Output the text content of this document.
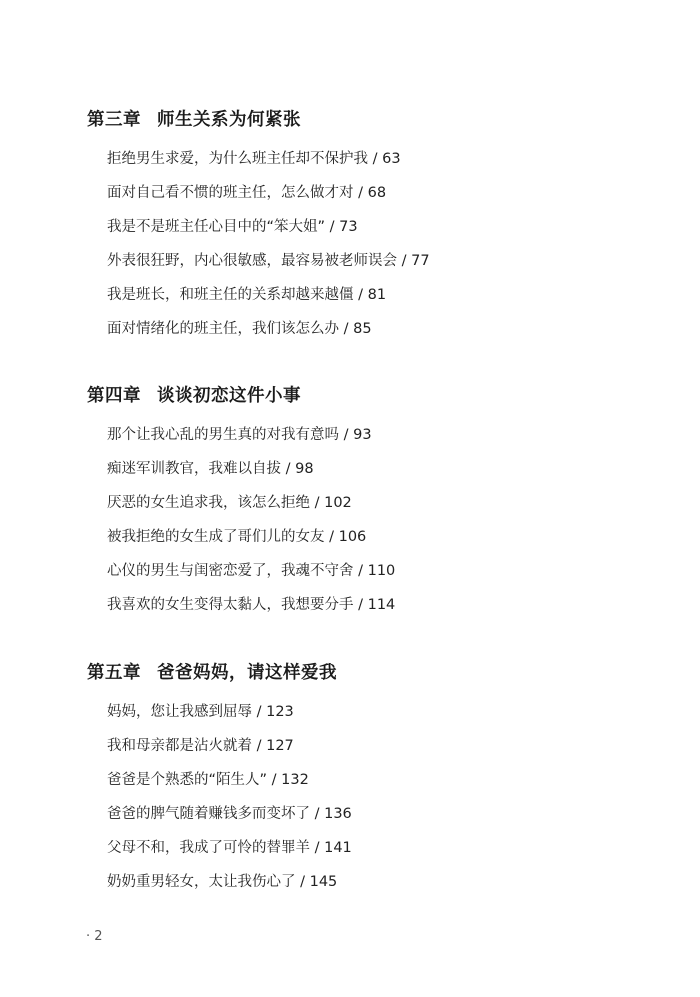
第三章 师生关系为何紧张
拒绝男生求爱，为什么班主任却不保护我 / 63
面对自己看不惯的班主任，怎么做才对 / 68
我是不是班主任心目中的“笨大姐” / 73
外表很狂野，内心很敏感，最容易被老师误会 / 77
我是班长，和班主任的关系却越来越僵 / 81
面对情绪化的班主任，我们该怎么办 / 85
第四章 谈谈初恋这件小事
那个让我心乱的男生真的对我有意吗 / 93
痴迷军训教官，我难以自拔 / 98
厌恶的女生追求我，该怎么拒绝 / 102
被我拒绝的女生成了哥们儿的女友 / 106
心仪的男生与闺密恋爱了，我魂不守舍 / 110
我喜欢的女生变得太黏人，我想要分手 / 114
第五章 爸爸妈妈，请这样爱我
妈妈，您让我感到屈辱 / 123
我和母亲都是沾火就着 / 127
爸爸是个熟悉的“陌生人” / 132
爸爸的脾气随着赚钱多而变坏了 / 136
父母不和，我成了可怜的替罪羊 / 141
奶奶重男轻女，太让我伤心了 / 145
· 2
